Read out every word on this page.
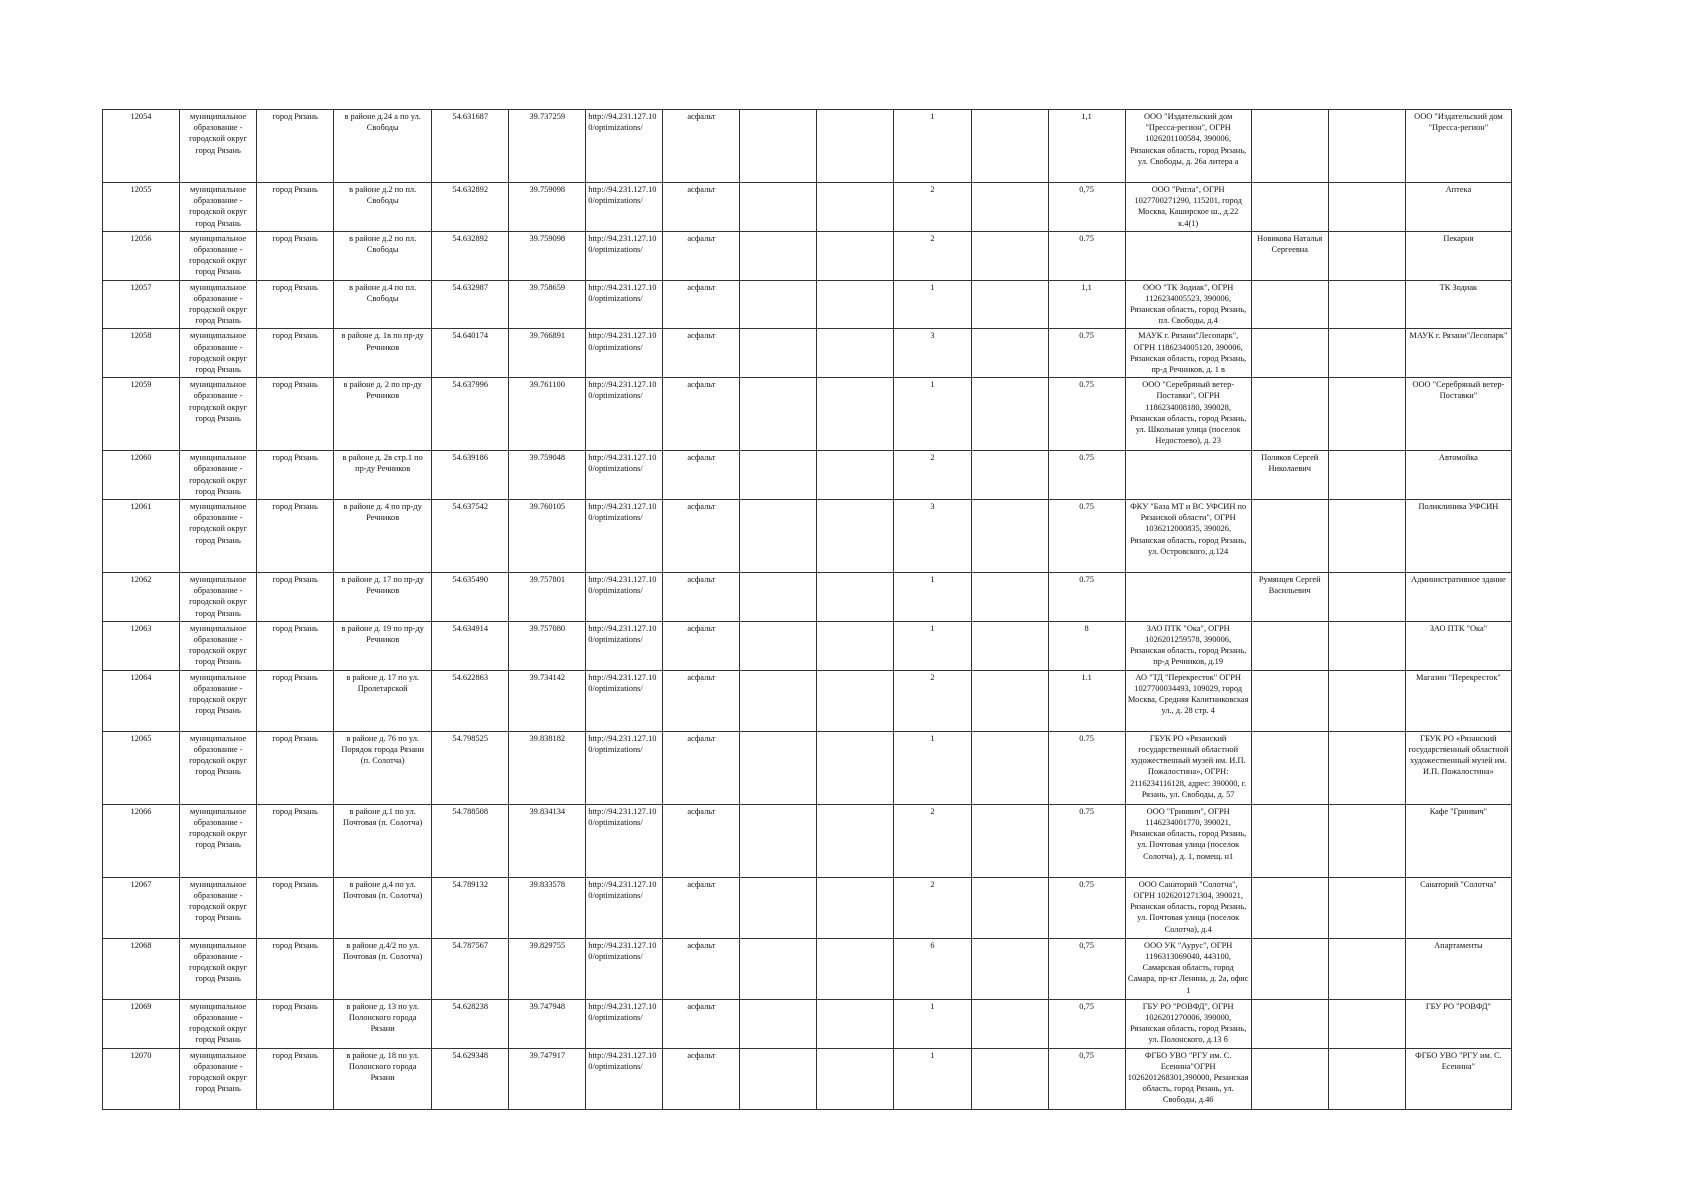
12054	муниципальное образование - городской округ город Рязань	город Рязань	в районе д.24 а по ул. Свободы	54.631687	39.737259	http://94.231.127.100/optimizations/	асфальт			1		1,1	ООО "Издательский дом "Пресса-регион", ОГРН 1026201100584, 390006, Рязанская область, город Рязань, ул. Свободы, д. 26а литера а			ООО "Издательский дом "Пресса-регион"
12055	муниципальное образование - городской округ город Рязань	город Рязань	в районе д.2 по пл. Свободы	54.632892	39.759098	http://94.231.127.100/optimizations/	асфальт			2		0,75	ООО "Ригла", ОГРН 1027700271290, 115201, город Москва, Каширское ш., д.22 к.4(1)			Аптека
12056	муниципальное образование - городской округ город Рязань	город Рязань	в районе д.2 по пл. Свободы	54.632892	39.759098	http://94.231.127.100/optimizations/	асфальт			2		0.75		Новикова Наталья Сергеевна		Пекарня
12057	муниципальное образование - городской округ город Рязань	город Рязань	в районе д.4 по пл. Свободы	54.632987	39.758659	http://94.231.127.100/optimizations/	асфальт			1		1,1	ООО "ТК Зодиак", ОГРН 1126234005523, 390006, Рязанская область, город Рязань, пл. Свободы, д.4			ТК Зодиак
12058	муниципальное образование - городской округ город Рязань	город Рязань	в районе д. 1в по пр-ду Речников	54.640174	39.766891	http://94.231.127.100/optimizations/	асфальт			3		0.75	МАУК г. Рязани"Лесопарк", ОГРН 1186234005120, 390006, Рязанская область, город Рязань, пр-д Речников, д. 1 в			МАУК г. Рязани"Лесопарк"
12059	муниципальное образование - городской округ город Рязань	город Рязань	в районе д. 2 по пр-ду Речников	54.637996	39.761100	http://94.231.127.100/optimizations/	асфальт			1		0.75	ООО "Серебряный ветер-Поставки", ОГРН 1186234008180, 390028, Рязанская область, город Рязань, ул. Школьная улица (поселок Недостоево), д. 23			ООО "Серебряный ветер-Поставки"
12060	муниципальное образование - городской округ город Рязань	город Рязань	в районе д. 2в стр.1 по пр-ду Речников	54.639186	39.759048	http://94.231.127.100/optimizations/	асфальт			2		0.75		Поляков Сергей Николаевич		Автомойка
12061	муниципальное образование - городской округ город Рязань	город Рязань	в районе д. 4 по пр-ду Речников	54.637542	39.760105	http://94.231.127.100/optimizations/	асфальт			3		0.75	ФКУ "База МТ и ВС УФСИН по Рязанской области", ОГРН 1036212000835, 390026, Рязанская область, город Рязань, ул. Островского, д.124			Поликлиника УФСИН
12062	муниципальное образование - городской округ город Рязань	город Рязань	в районе д. 17 по пр-ду Речников	54.635490	39.757801	http://94.231.127.100/optimizations/	асфальт			1		0.75		Румянцев Сергей Васильевич		Административное здание
12063	муниципальное образование - городской округ город Рязань	город Рязань	в районе д. 19 по пр-ду Речников	54.634914	39.757080	http://94.231.127.100/optimizations/	асфальт			1		8	ЗАО ПТК "Ока", ОГРН 1026201259578, 390006, Рязанская область, город Рязань, пр-д Речников, д.19			ЗАО ПТК "Ока"
12064	муниципальное образование - городской округ город Рязань	город Рязань	в районе д. 17 по ул. Пролетарской	54.622863	39.734142	http://94.231.127.100/optimizations/	асфальт			2		1.1	АО "ТД "Перекресток" ОГРН 1027700034493, 109029, город Москва, Средняя Калитниковская ул., д. 28 стр. 4			Магазин "Перекресток"
12065	муниципальное образование - городской округ город Рязань	город Рязань	в районе д. 76 по ул. Порядок города Рязани (п. Солотча)	54.798525	39.838182	http://94.231.127.100/optimizations/	асфальт			1		0.75	ГБУК РО «Рязанский государственный областной художественный музей им. И.П. Пожалостина», ОГРН: 2116234116128, адрес: 390000, г. Рязань, ул. Свободы, д. 57			ГБУК РО «Рязанский государственный областной художественный музей им. И.П. Пожалостина»
12066	муниципальное образование - городской округ город Рязань	город Рязань	в районе д.1 по ул. Почтовая (п. Солотча)	54.788508	39.834134	http://94.231.127.100/optimizations/	асфальт			2		0.75	ООО "Гринвич", ОГРН 1146234001770, 390021, Рязанская область, город Рязань, ул. Почтовая улица (поселок Солотча), д. 1, помещ. н1			Кафе "Гринвич"
12067	муниципальное образование - городской округ город Рязань	город Рязань	в районе д.4 по ул. Почтовая (п. Солотча)	54.789132	39.833578	http://94.231.127.100/optimizations/	асфальт			2		0.75	ООО Санаторий "Солотча", ОГРН 1026201271304, 390021, Рязанская область, город Рязань, ул. Почтовая улица (поселок Солотча), д.4			Санаторий "Солотча"
12068	муниципальное образование - городской округ город Рязань	город Рязань	в районе д.4/2 по ул. Почтовая (п. Солотча)	54.787567	39.829755	http://94.231.127.100/optimizations/	асфальт			6		0,75	ООО УК "Аурус", ОГРН 1196313069040, 443100, Самарская область, город Самара, пр-кт Ленина, д. 2а, офис 1			Апартаменты
12069	муниципальное образование - городской округ город Рязань	город Рязань	в районе д. 13 по ул. Полонского города Рязани	54.628238	39.747948	http://94.231.127.100/optimizations/	асфальт			1		0,75	ГБУ РО "РОВФД", ОГРН 1026201270006, 390000, Рязанская область, город Рязань, ул. Полонского, д.13 б			ГБУ РО "РОВФД"
12070	муниципальное образование - городской округ город Рязань	город Рязань	в районе д. 18 по ул. Полонского города Рязани	54.629348	39.747917	http://94.231.127.100/optimizations/	асфальт			1		0,75	ФГБО УВО "РГУ им. С. Есенина"ОГРН 1026201268301,390000, Рязанская область, город Рязань, ул. Свободы, д.46			ФГБО УВО "РГУ им. С. Есенина"
